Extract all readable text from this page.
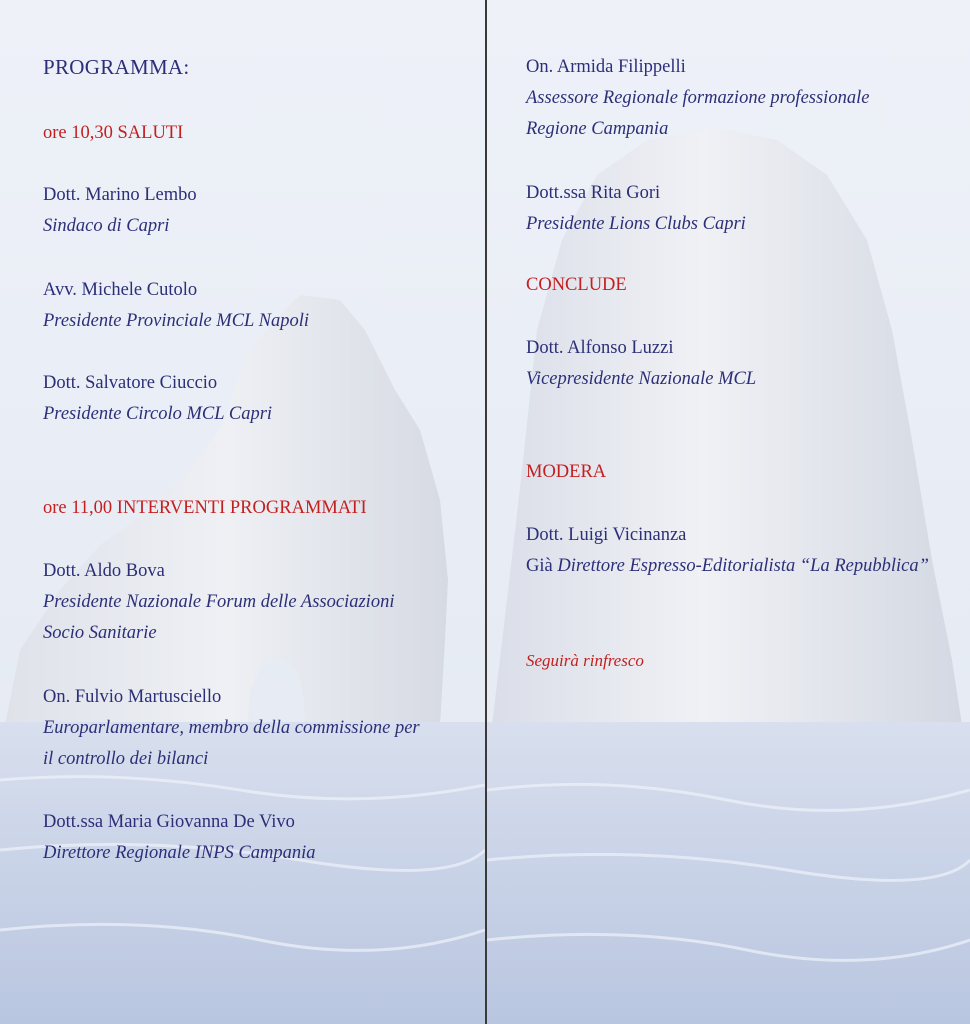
PROGRAMMA:
ore 10,30 SALUTI
Dott. Marino Lembo
Sindaco di Capri
Avv. Michele Cutolo
Presidente Provinciale MCL Napoli
Dott. Salvatore Ciuccio
Presidente Circolo MCL Capri
ore 11,00 INTERVENTI PROGRAMMATI
Dott. Aldo Bova
Presidente Nazionale Forum delle Associazioni
Socio Sanitarie
On. Fulvio Martusciello
Europarlamentare, membro della commissione per
il controllo dei bilanci
Dott.ssa Maria Giovanna De Vivo
Direttore Regionale INPS Campania
On. Armida Filippelli
Assessore Regionale formazione professionale
Regione Campania
Dott.ssa Rita Gori
Presidente Lions Clubs Capri
CONCLUDE
Dott. Alfonso Luzzi
Vicepresidente Nazionale MCL
MODERA
Dott. Luigi Vicinanza
Già Direttore Espresso-Editorialista “La Repubblica”
Seguirà rinfresco
